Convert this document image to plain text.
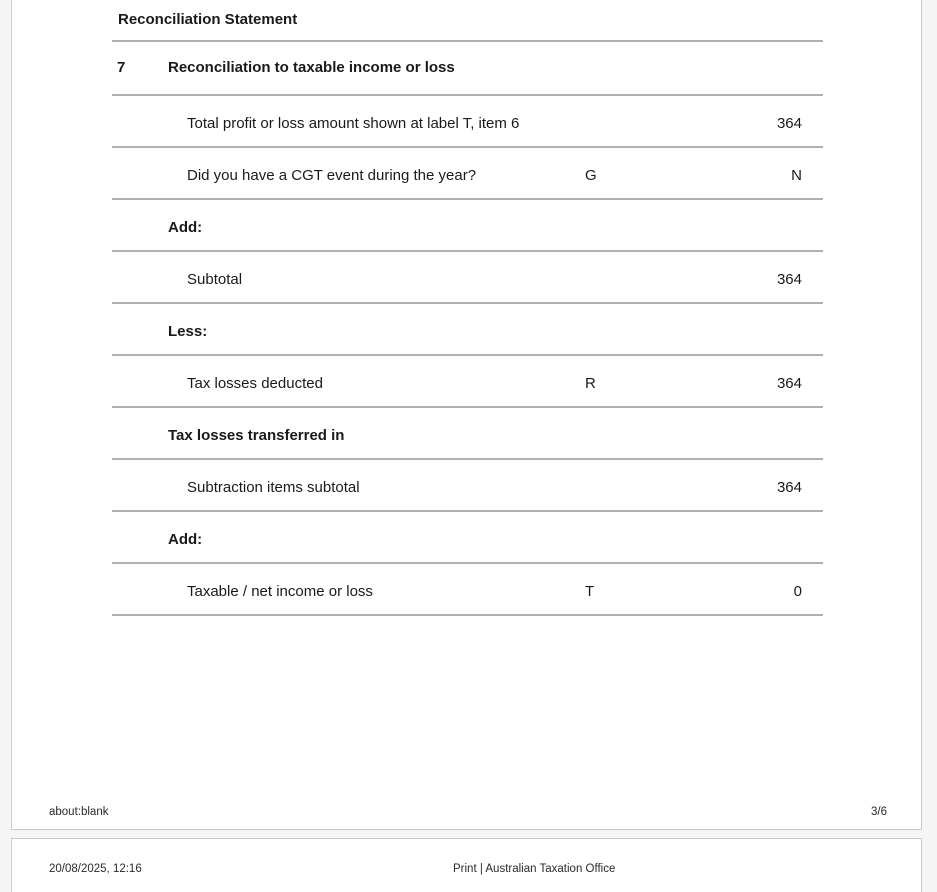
Reconciliation Statement
7	Reconciliation to taxable income or loss
Total profit or loss amount shown at label T, item 6	364
Did you have a CGT event during the year?	G	N
Add:
Subtotal	364
Less:
Tax losses deducted	R	364
Tax losses transferred in
Subtraction items subtotal	364
Add:
Taxable / net income or loss	T	0
about:blank	3/6
20/08/2025, 12:16	Print | Australian Taxation Office
